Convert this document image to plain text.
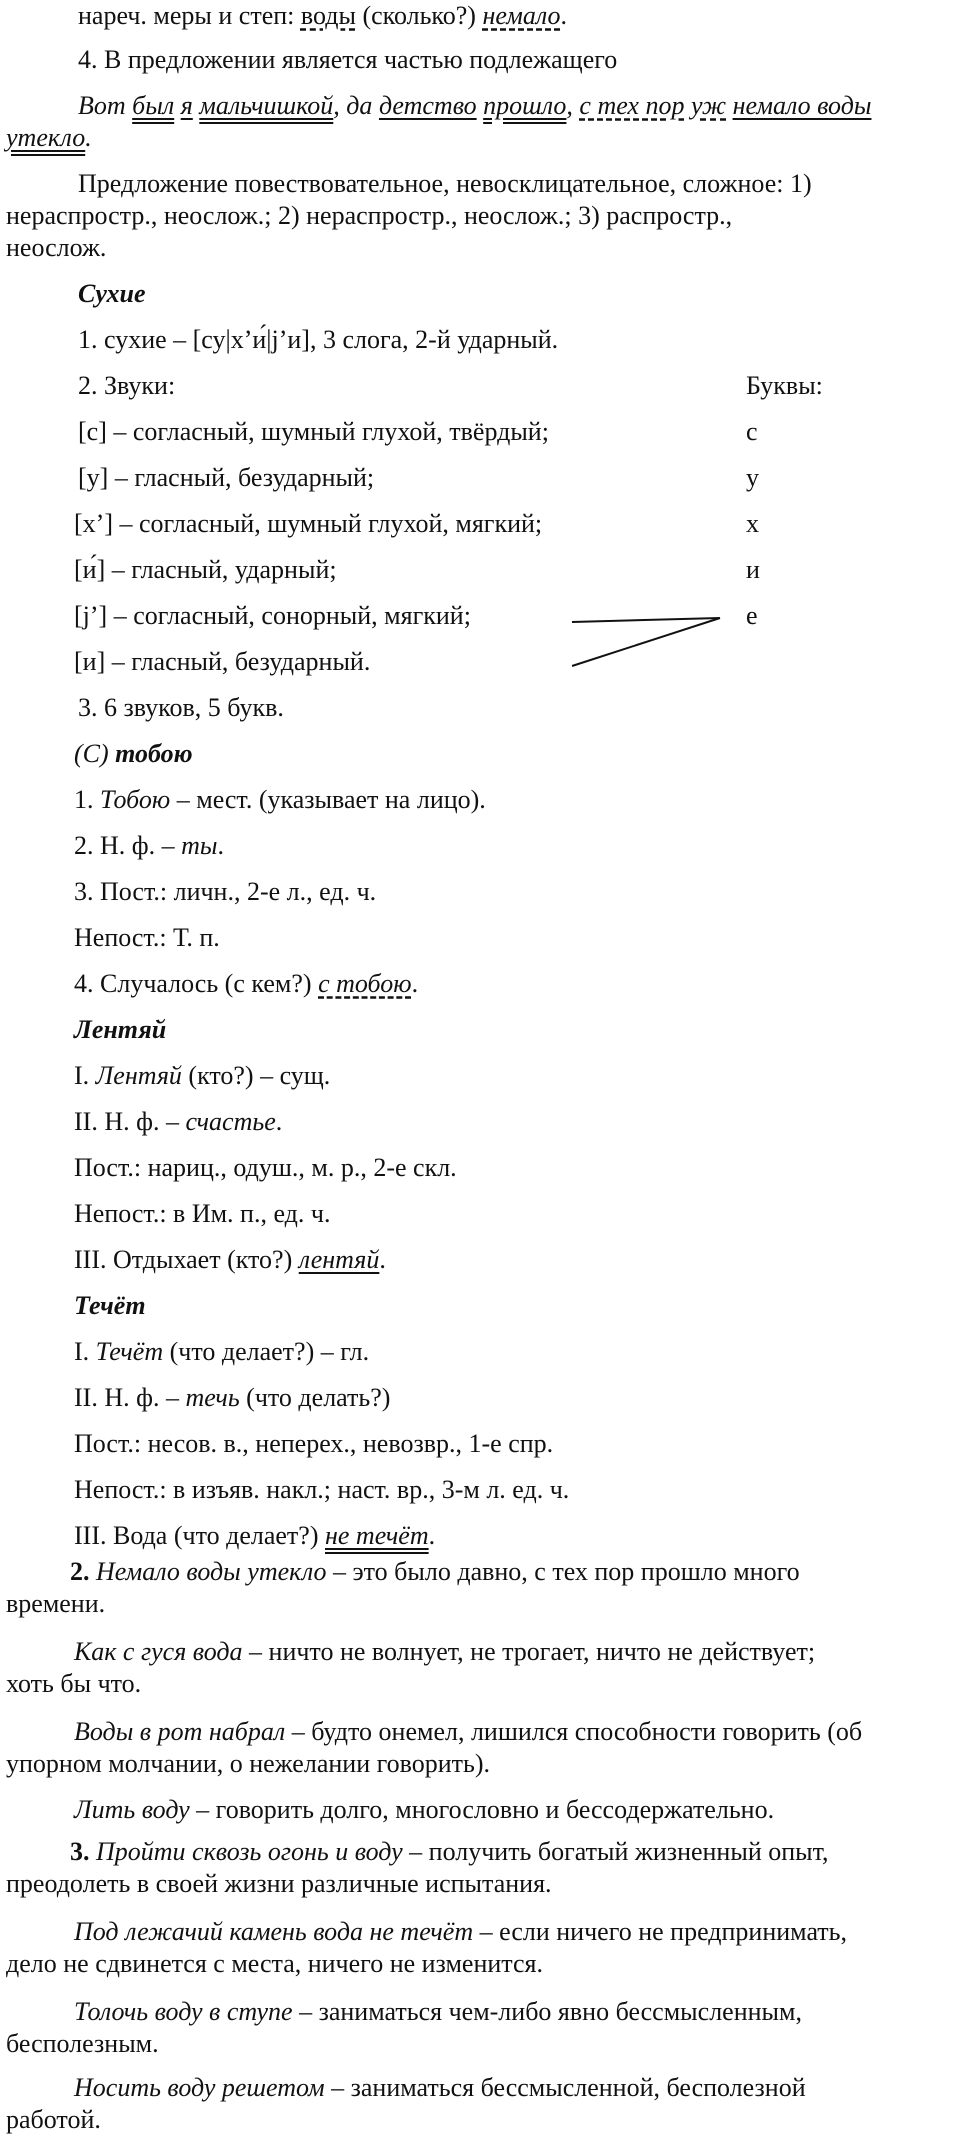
нареч. меры и степ: воды (сколько?) немало.
4. В предложении является частью подлежащего
Вот был я мальчишкой, да детство прошло, с тех пор уж немало воды
утекло.
Предложение повествовательное, невосклицательное, сложное: 1)
нераспростр., неослож.; 2) нераспростр., неослож.; 3) распростр.,
неослож.
Сухие
1. сухие – [су|х’и́|j’и], 3 слога, 2-й ударный.
2. Звуки:	Буквы:
[с] – согласный, шумный глухой, твёрдый;	с
[у] – гласный, безударный;	у
[х’] – согласный, шумный глухой, мягкий;	х
[и́] – гласный, ударный;	и
[j’] – согласный, сонорный, мягкий;	е
[и] – гласный, безударный.
3. 6 звуков, 5 букв.
(С) тобою
1. Тобою – мест. (указывает на лицо).
2. Н. ф. – ты.
3. Пост.: личн., 2-е л., ед. ч.
Непост.: Т. п.
4. Случалось (с кем?) с тобою.
Лентяй
I. Лентяй (кто?) – сущ.
II. Н. ф. – счастье.
Пост.: нариц., одуш., м. р., 2-е скл.
Непост.: в Им. п., ед. ч.
III. Отдыхает (кто?) лентяй.
Течёт
I. Течёт (что делает?) – гл.
II. Н. ф. – течь (что делать?)
Пост.: несов. в., неперех., невозвр., 1-е спр.
Непост.: в изъяв. накл.; наст. вр., 3-м л. ед. ч.
III. Вода (что делает?) не течёт.
2. Немало воды утекло – это было давно, с тех пор прошло много
времени.
Как с гуся вода – ничто не волнует, не трогает, ничто не действует;
хоть бы что.
Воды в рот набрал – будто онемел, лишился способности говорить (об
упорном молчании, о нежелании говорить).
Лить воду – говорить долго, многословно и бессодержательно.
3. Пройти сквозь огонь и воду – получить богатый жизненный опыт,
преодолеть в своей жизни различные испытания.
Под лежачий камень вода не течёт – если ничего не предпринимать,
дело не сдвинется с места, ничего не изменится.
Толочь воду в ступе – заниматься чем-либо явно бессмысленным,
бесполезным.
Носить воду решетом – заниматься бессмысленной, бесполезной
работой.
